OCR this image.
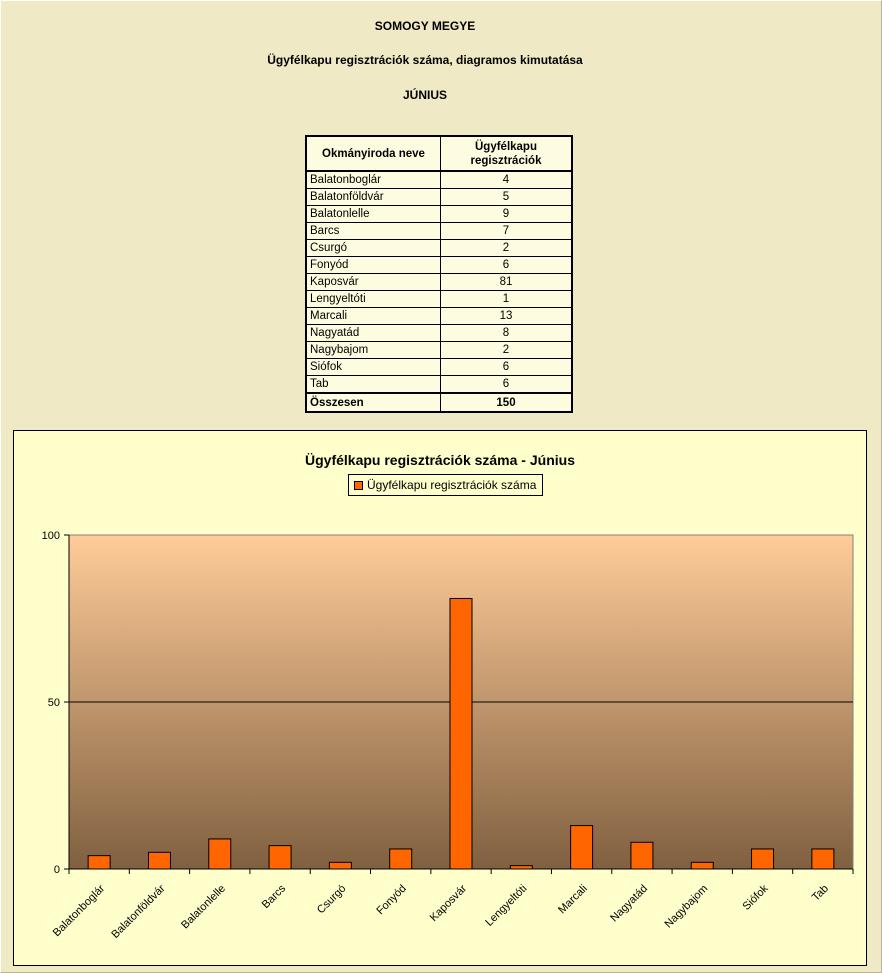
SOMOGY MEGYE
Ügyfélkapu regisztrációk száma, diagramos kimutatása
JÚNIUS
Okmányiroda neve	Ügyfélkapu regisztrációk
Balatonboglár	4
Balatonföldvár	5
Balatonlelle	9
Barcs	7
Csurgó	2
Fonyód	6
Kaposvár	81
Lengyeltóti	1
Marcali	13
Nagyatád	8
Nagybajom	2
Siófok	6
Tab	6
Összesen	150
Ügyfélkapu regisztrációk száma - Június
Ügyfélkapu regisztrációk száma
0
50
100
Balatonboglár Balatonföldvár Balatonlelle	Barcs Csurgó Fonyód Kaposvár Lengyeltóti Marcali Nagyatád Nagybajom	Siófok	Tab
